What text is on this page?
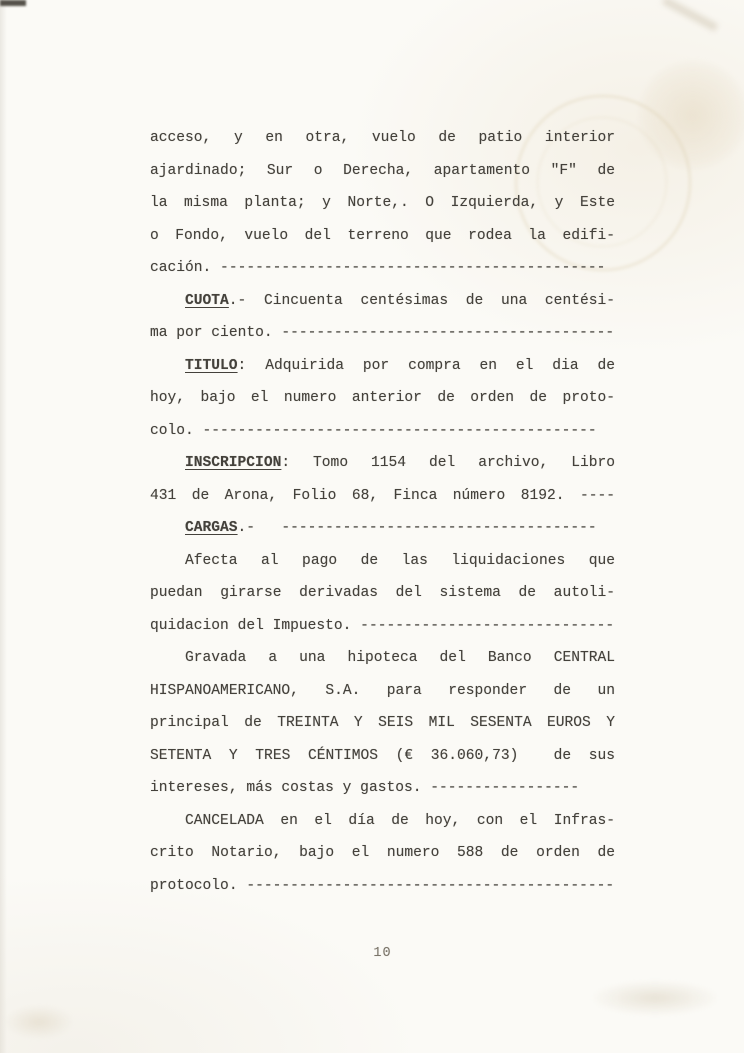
acceso, y en otra, vuelo de patio interior
ajardinado; Sur o Derecha, apartamento "F" de
la misma planta; y Norte,. O Izquierda, y Este
o Fondo, vuelo del terreno que rodea la edifi-
cación. --------------------------------------------
CUOTA.- Cincuenta centésimas de una centési-
ma por ciento. --------------------------------------
TITULO: Adquirida por compra en el dia de
hoy, bajo el numero anterior de orden de proto-
colo. ---------------------------------------------
INSCRIPCION: Tomo 1154 del archivo, Libro
431 de Arona, Folio 68, Finca número 8192. ----
CARGAS.-   ------------------------------------
Afecta al pago de las liquidaciones que
puedan girarse derivadas del sistema de autoli-
quidacion del Impuesto. -----------------------------
Gravada a una hipoteca del Banco CENTRAL
HISPANOAMERICANO, S.A. para responder de un
principal de TREINTA Y SEIS MIL SESENTA EUROS Y
SETENTA Y TRES CÉNTIMOS (€ 36.060,73)  de sus
intereses, más costas y gastos. -----------------
CANCELADA en el día de hoy, con el Infras-
crito Notario, bajo el numero 588 de orden de
protocolo. ------------------------------------------
10
